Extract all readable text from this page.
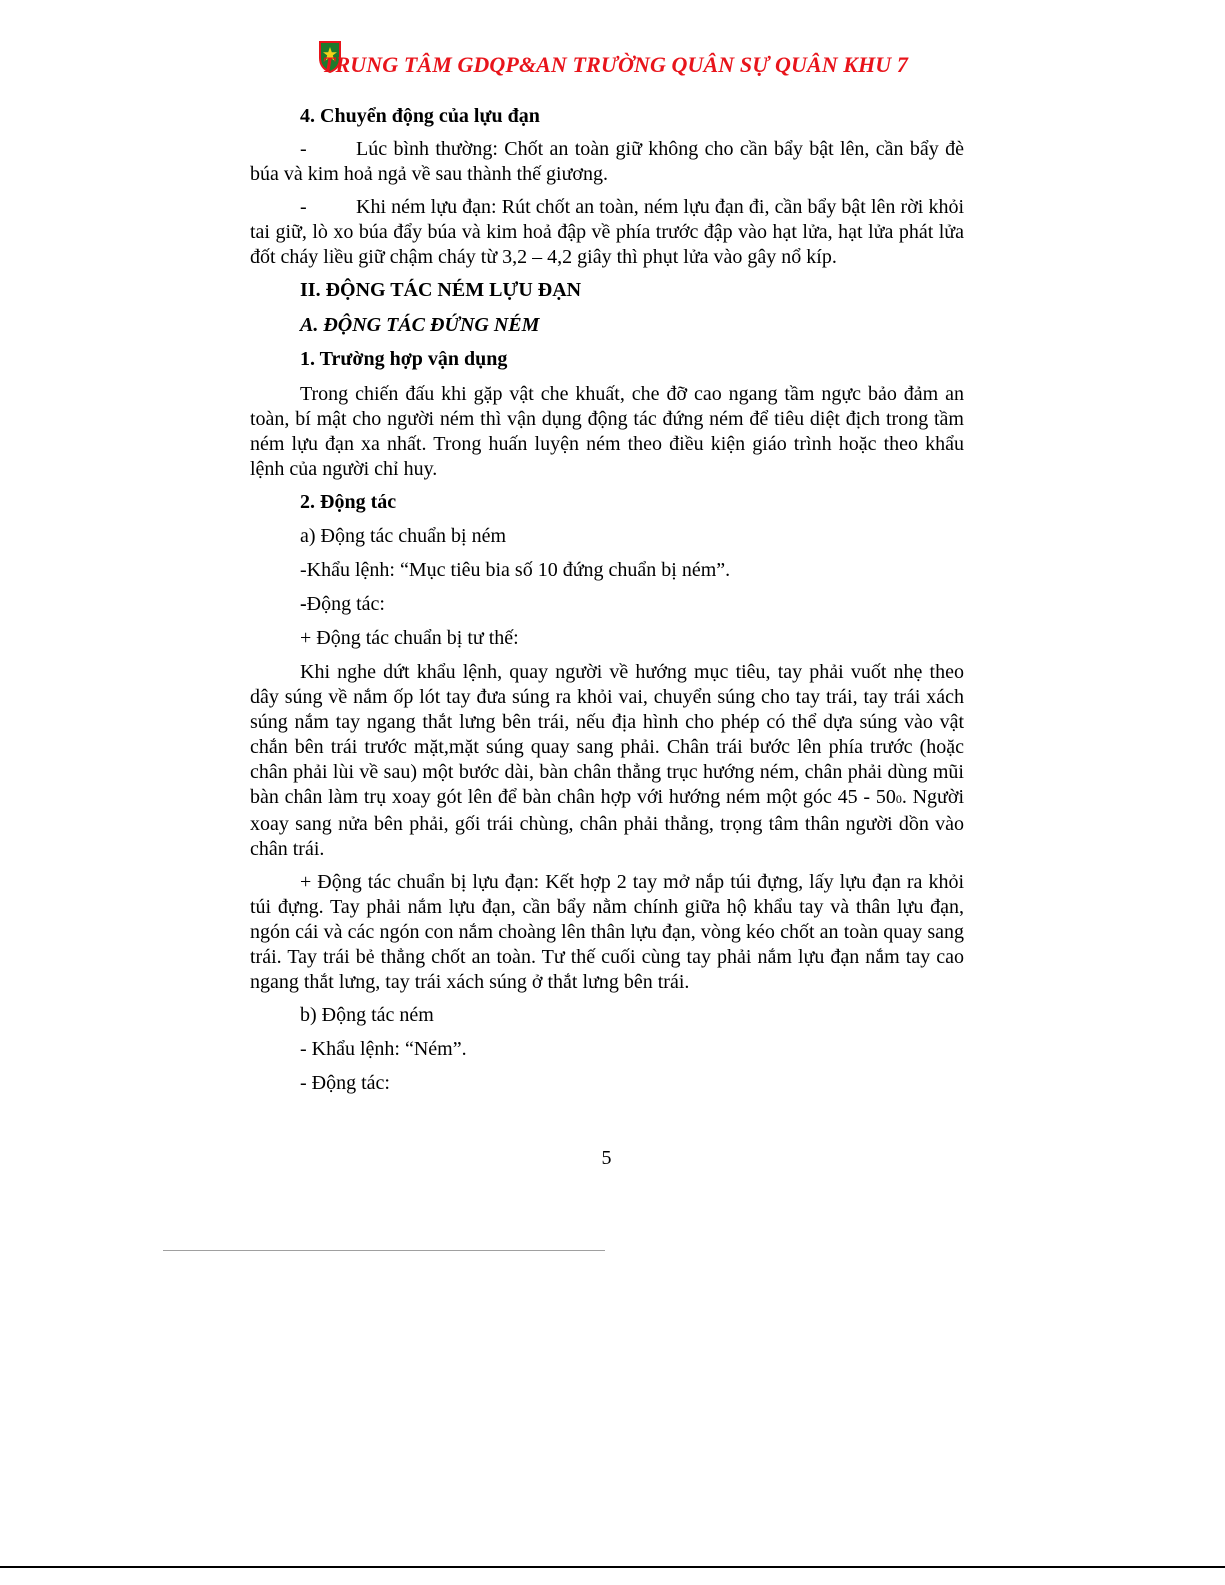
TRUNG TÂM GDQP&AN TRƯỜNG QUÂN SỰ QUÂN KHU 7

4. Chuyển động của lựu đạn

- Lúc bình thường: Chốt an toàn giữ không cho cần bẩy bật lên, cần bẩy đè búa và kim hoả ngả về sau thành thế giương.

- Khi ném lựu đạn: Rút chốt an toàn, ném lựu đạn đi, cần bẩy bật lên rời khỏi tai giữ, lò xo búa đẩy búa và kim hoả đập về phía trước đập vào hạt lửa, hạt lửa phát lửa đốt cháy liều giữ chậm cháy từ 3,2 – 4,2 giây thì phụt lửa vào gây nổ kíp.

II. ĐỘNG TÁC NÉM LỰU ĐẠN

A. ĐỘNG TÁC ĐỨNG NÉM

1. Trường hợp vận dụng

Trong chiến đấu khi gặp vật che khuất, che đỡ cao ngang tầm ngực bảo đảm an toàn, bí mật cho người ném thì vận dụng động tác đứng ném để tiêu diệt địch trong tầm ném lựu đạn xa nhất. Trong huấn luyện ném theo điều kiện giáo trình hoặc theo khẩu lệnh của người chỉ huy.

2. Động tác

a) Động tác chuẩn bị ném

-Khẩu lệnh: “Mục tiêu bia số 10 đứng chuẩn bị ném”.

-Động tác:

+ Động tác chuẩn bị tư thế:

Khi nghe dứt khẩu lệnh, quay người về hướng mục tiêu, tay phải vuốt nhẹ theo dây súng về nắm ốp lót tay đưa súng ra khỏi vai, chuyển súng cho tay trái, tay trái xách súng nắm tay ngang thắt lưng bên trái, nếu địa hình cho phép có thể dựa súng vào vật chắn bên trái trước mặt,mặt súng quay sang phải. Chân trái bước lên phía trước (hoặc chân phải lùi về sau) một bước dài, bàn chân thẳng trục hướng ném, chân phải dùng mũi bàn chân làm trụ xoay gót lên để bàn chân hợp với hướng ném một góc 45 - 500. Người xoay sang nửa bên phải, gối trái chùng, chân phải thẳng, trọng tâm thân người dồn vào chân trái.

+ Động tác chuẩn bị lựu đạn: Kết hợp 2 tay mở nắp túi đựng, lấy lựu đạn ra khỏi túi đựng. Tay phải nắm lựu đạn, cần bẩy nằm chính giữa hộ khẩu tay và thân lựu đạn, ngón cái và các ngón con nắm choàng lên thân lựu đạn, vòng kéo chốt an toàn quay sang trái. Tay trái bẻ thẳng chốt an toàn. Tư thế cuối cùng tay phải nắm lựu đạn nắm tay cao ngang thắt lưng, tay trái xách súng ở thắt lưng bên trái.

b) Động tác ném

- Khẩu lệnh: “Ném”.

- Động tác:

5
